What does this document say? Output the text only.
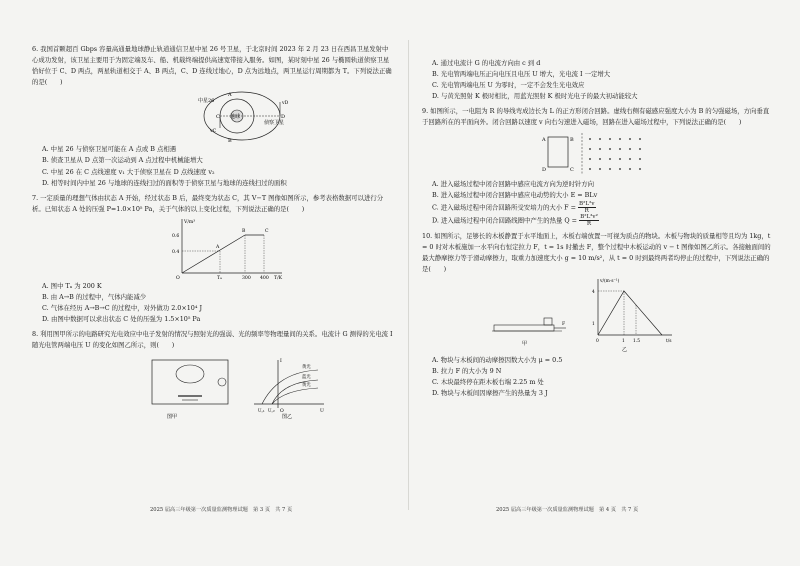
6. 我国首颗超百 Gbps 容量高通量地球静止轨道通信卫星中星 26 号卫星，于北京时间 2023 年 2 月 23 日在西昌卫星发射中心成功发射，该卫星主要用于为固定端及车、船、机载终端提供高速宽带接入服务。如图，某时刻中星 26 与椭圆轨道侦察卫星恰好位于 C、D 两点，两星轨道相交于 A、B 两点，C、D 连线过地心，D 点为远地点，两卫星运行周期都为 T。下列说法正确的是(　　)

地球
中星26
侦察卫星
A
B
C	D
vD
vC

A. 中星 26 与侦察卫星可能在 A 点或 B 点相遇

B. 侦查卫星从 D 点第一次运动到 A 点过程中机械能增大

C. 中星 26 在 C 点线速度 v₁ 大于侦察卫星在 D 点线速度 v₂

D. 相等时间内中星 26 与地球的连线扫过的面积等于侦察卫星与地球的连线扫过的面积

7. 一定质量的理想气体由状态 A 开始，经过状态 B 后，最终变为状态 C，其 V−T 图像如图所示，参考表格数据可以进行分析。已知状态 A 处的压强 P=1.0×10⁵ Pa，关于气体的以上变化过程，下列说法正确的是(　　)

V/m³
0.6
0.4
O	Tₐ	300 400 T/K
A
B	C

A. 图中 Tₐ 为 200 K

B. 由 A→B 的过程中，气体内能减少

C. 气体在经历 A→B→C 的过程中，对外做功 2.0×10⁴ J

D. 由图中数据可以求出状态 C 处的压强为 1.5×10⁵ Pa

8. 利用图甲所示的电路研究光电效应中电子发射的情况与照射光的强弱、光的频率等物理量间的关系。电流计 G 测得的光电流 I 随光电管两端电压 U 的变化如图乙所示，则(　　)

图甲
I
U
O
U꜀₁ U꜀₂
黄光
蓝光
黄光
图乙
2025 届高三年级第一次质量监测物理试题　第 3 页　共 7 页

A. 通过电流计 G 的电流方向由 c 到 d

B. 光电管两端电压正向电压且电压 U 增大，光电流 I 一定增大

C. 光电管两端电压 U 为零时，一定不会发生光电效应

D. 与黄光照射 K 极时相比，用蓝光照射 K 极时光电子的最大初动能较大

9. 如图所示，一电阻为 R 的导线弯成边长为 L 的正方形闭合回路。虚线右侧有磁感应强度大小为 B 的匀强磁场，方向垂直于回路所在的平面向外。闭合回路以速度 v 向右匀速进入磁场，回路在进入磁场过程中，下列说法正确的是(　　)

A	B
C
D

A. 进入磁场过程中闭合回路中感应电流方向为逆时针方向

B. 进入磁场过程中闭合回路中感应电动势的大小 E = BLv

C. 进入磁场过程中闭合回路所受安培力的大小 $F = \frac{\text{B²L²v}}{R}$

D. 进入磁场过程中闭合回路线圈中产生的热量 $Q = \frac{\text{B²L³v²}}{R}$

10. 如图所示，足够长的木板静置于水平地面上，木板右端放置一可视为质点的物块。木板与物块的质量相等且均为 1kg，t = 0 时对木板施加一水平向右恒定拉力 F，t = 1s 时撤去 F，整个过程中木板运动的 v − t 图像如图乙所示。各接触面间的最大静摩擦力等于滑动摩擦力，取重力加速度大小 g = 10 m/s²，从 t = 0 时到最终两者均停止的过程中，下列说法正确的是(　　)

F
甲
v/(m·s⁻¹)
4
1
0	1 1.5	t/s
乙

A. 物块与木板间的动摩擦因数大小为 μ = 0.5

B. 拉力 F 的大小为 9 N

C. 木块最终停在距木板右端 2.25 m 处

D. 物块与木板间因摩擦产生的热量为 3 J

2025 届高三年级第一次质量监测物理试题　第 4 页　共 7 页
